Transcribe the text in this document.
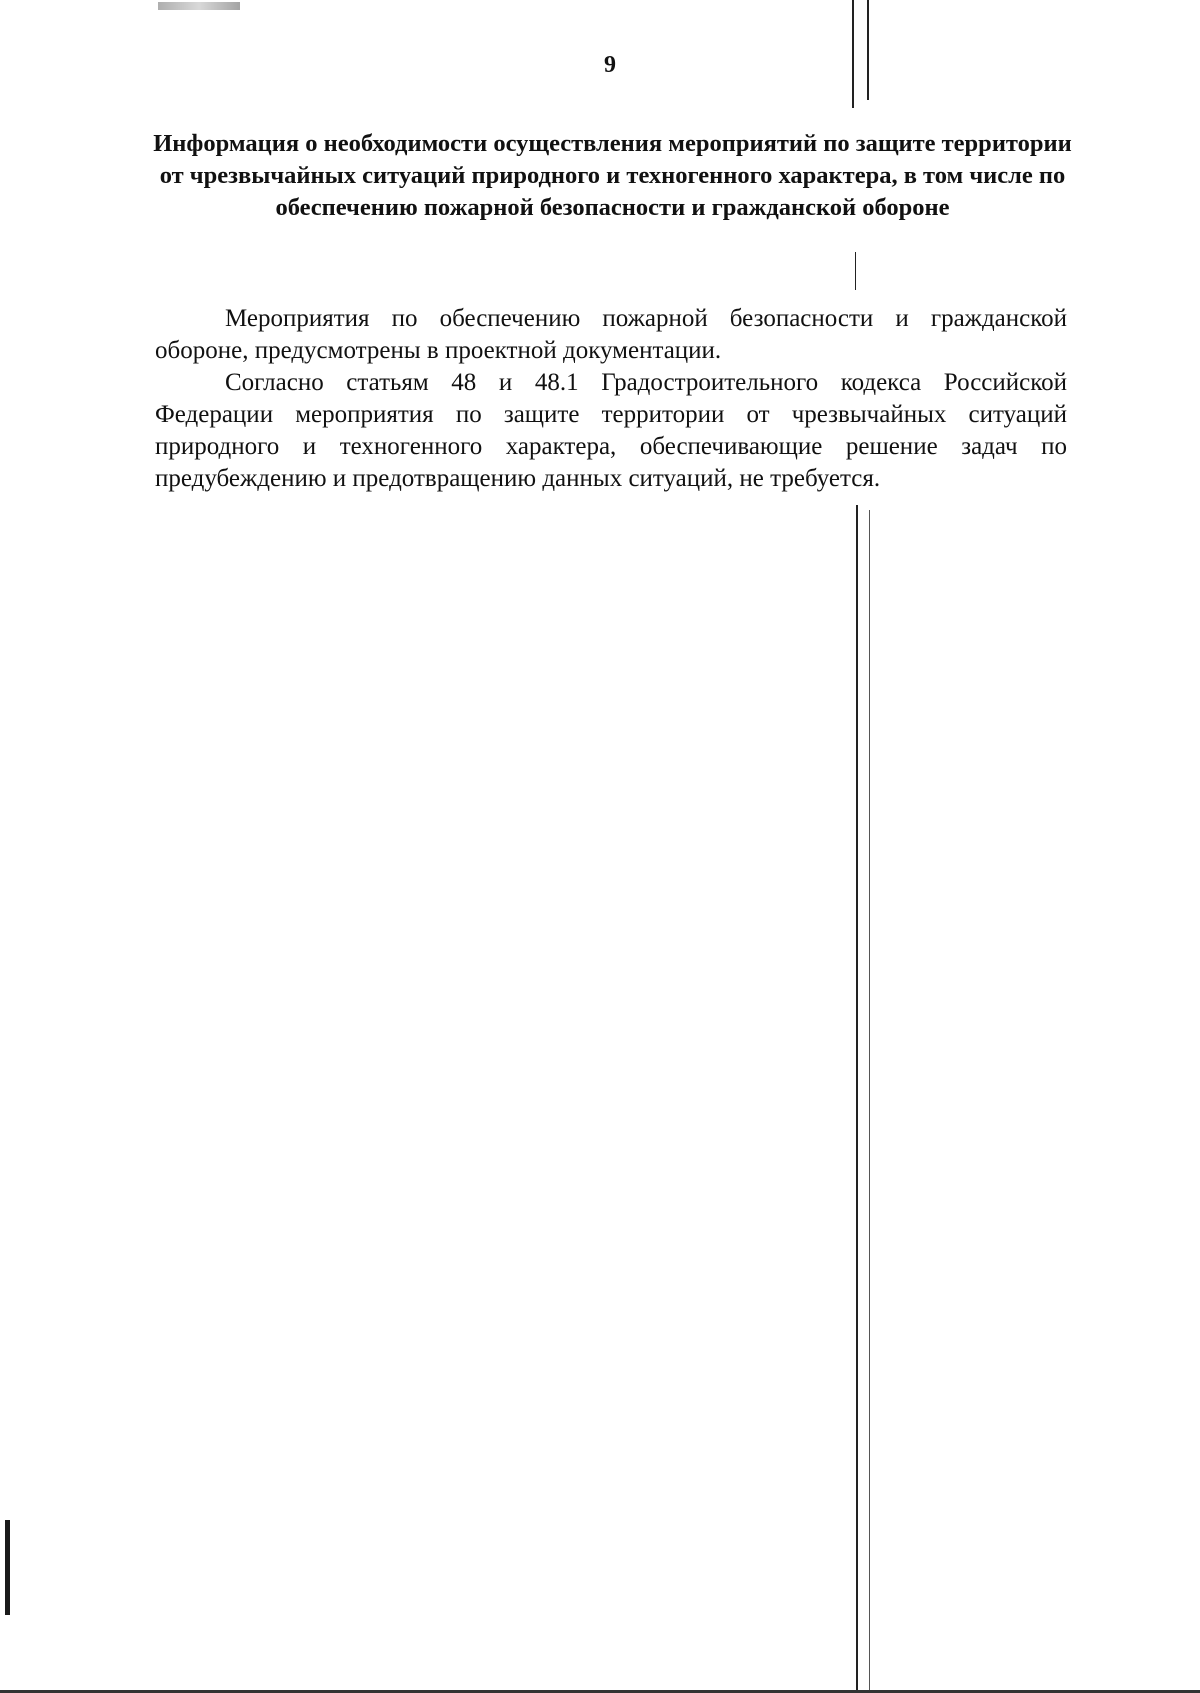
9
Информация о необходимости осуществления мероприятий по защите территории от чрезвычайных ситуаций природного и техногенного характера, в том числе по обеспечению пожарной безопасности и гражданской обороне

Мероприятия по обеспечению пожарной безопасности и гражданской обороне, предусмотрены в проектной документации.

Согласно статьям 48 и 48.1 Градостроительного кодекса Российской Федерации мероприятия по защите территории от чрезвычайных ситуаций природного и техногенного характера, обеспечивающие решение задач по предубеждению и предотвращению данных ситуаций, не требуется.
